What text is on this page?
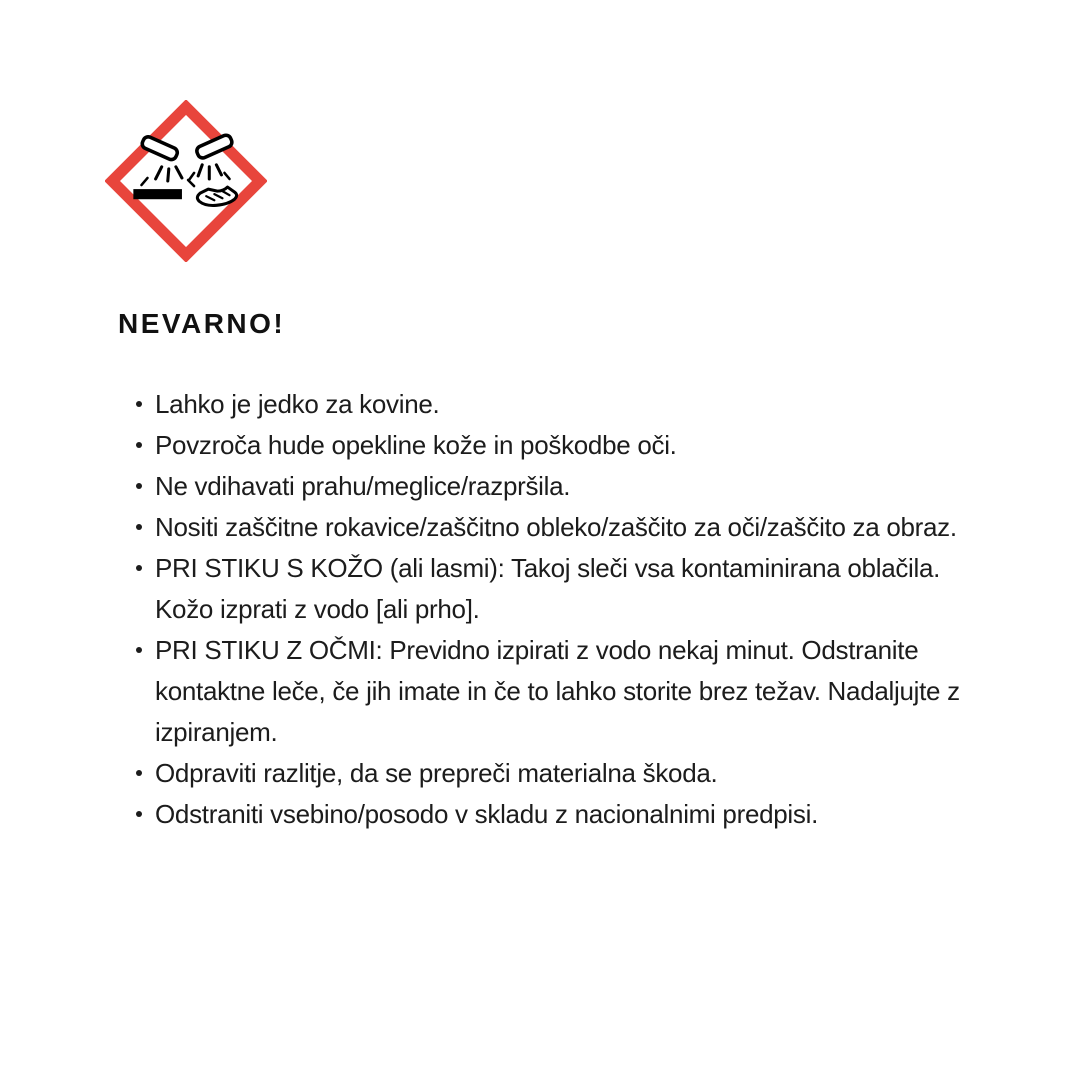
NEVARNO!
Lahko je jedko za kovine.
Povzroča hude opekline kože in poškodbe oči.
Ne vdihavati prahu/meglice/razpršila.
Nositi zaščitne rokavice/zaščitno obleko/zaščito za oči/zaščito za obraz.
PRI STIKU S KOŽO (ali lasmi): Takoj sleči vsa kontaminirana oblačila. Kožo izprati z vodo [ali prho].
PRI STIKU Z OČMI: Previdno izpirati z vodo nekaj minut. Odstranite kontaktne leče, če jih imate in če to lahko storite brez težav. Nadaljujte z izpiranjem.
Odpraviti razlitje, da se prepreči materialna škoda.
Odstraniti vsebino/posodo v skladu z nacionalnimi predpisi.
